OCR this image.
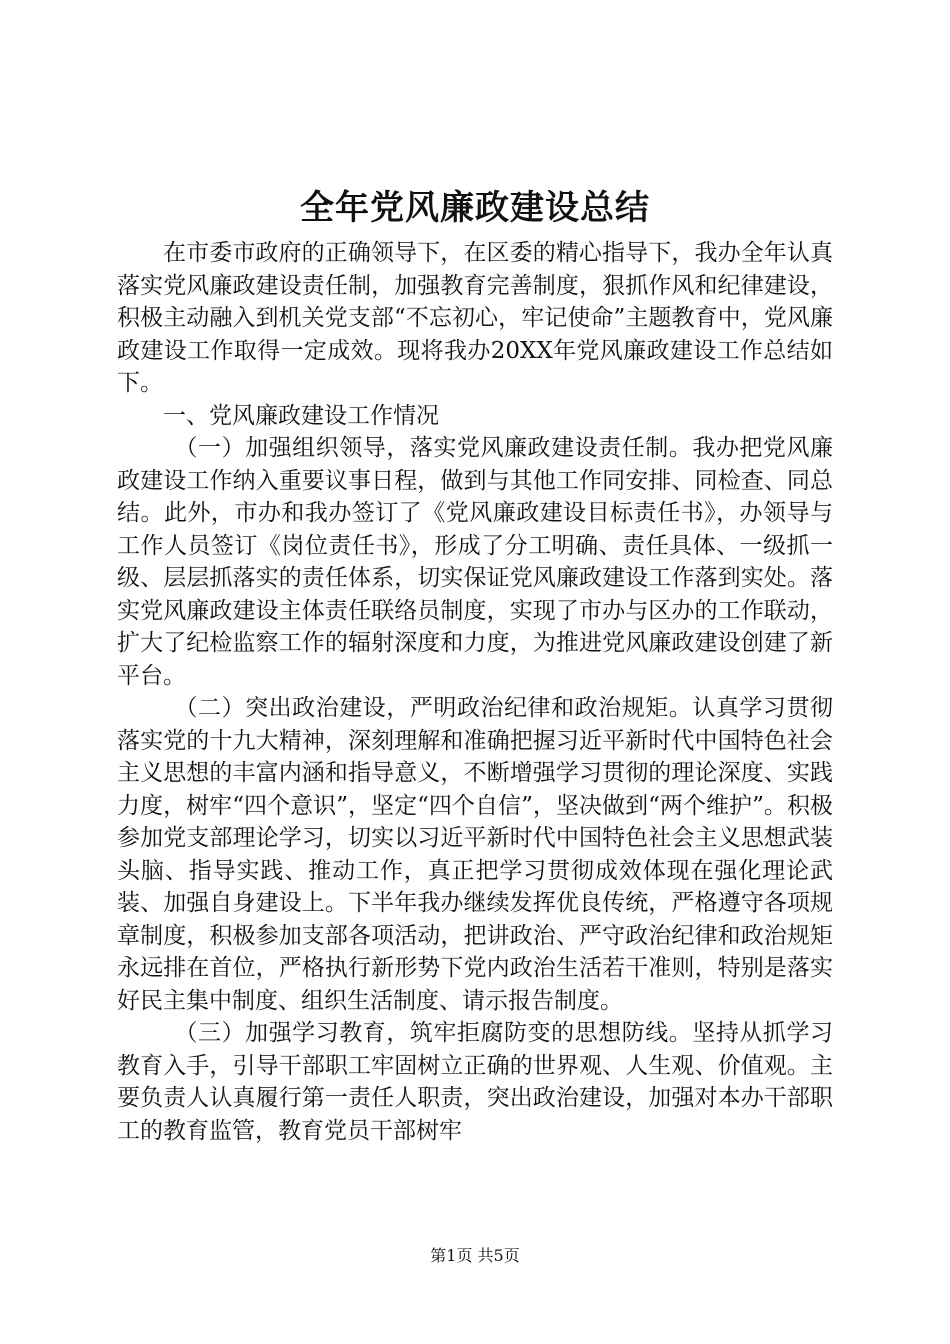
全年党风廉政建设总结

在市委市政府的正确领导下，在区委的精心指导下，我办全年认真落实党风廉政建设责任制，加强教育完善制度，狠抓作风和纪律建设，积极主动融入到机关党支部“不忘初心，牢记使命”主题教育中，党风廉政建设工作取得一定成效。现将我办20XX年党风廉政建设工作总结如下。

一、党风廉政建设工作情况

（一）加强组织领导，落实党风廉政建设责任制。我办把党风廉政建设工作纳入重要议事日程，做到与其他工作同安排、同检查、同总结。此外，市办和我办签订了《党风廉政建设目标责任书》，办领导与工作人员签订《岗位责任书》，形成了分工明确、责任具体、一级抓一级、层层抓落实的责任体系，切实保证党风廉政建设工作落到实处。落实党风廉政建设主体责任联络员制度，实现了市办与区办的工作联动，扩大了纪检监察工作的辐射深度和力度，为推进党风廉政建设创建了新平台。

（二）突出政治建设，严明政治纪律和政治规矩。认真学习贯彻落实党的十九大精神，深刻理解和准确把握习近平新时代中国特色社会主义思想的丰富内涵和指导意义，不断增强学习贯彻的理论深度、实践力度，树牢“四个意识”，坚定“四个自信”，坚决做到“两个维护”。积极参加党支部理论学习，切实以习近平新时代中国特色社会主义思想武装头脑、指导实践、推动工作，真正把学习贯彻成效体现在强化理论武装、加强自身建设上。下半年我办继续发挥优良传统，严格遵守各项规章制度，积极参加支部各项活动，把讲政治、严守政治纪律和政治规矩永远排在首位，严格执行新形势下党内政治生活若干准则，特别是落实好民主集中制度、组织生活制度、请示报告制度。

（三）加强学习教育，筑牢拒腐防变的思想防线。坚持从抓学习教育入手，引导干部职工牢固树立正确的世界观、人生观、价值观。主要负责人认真履行第一责任人职责，突出政治建设，加强对本办干部职工的教育监管，教育党员干部树牢

第1页 共5页
